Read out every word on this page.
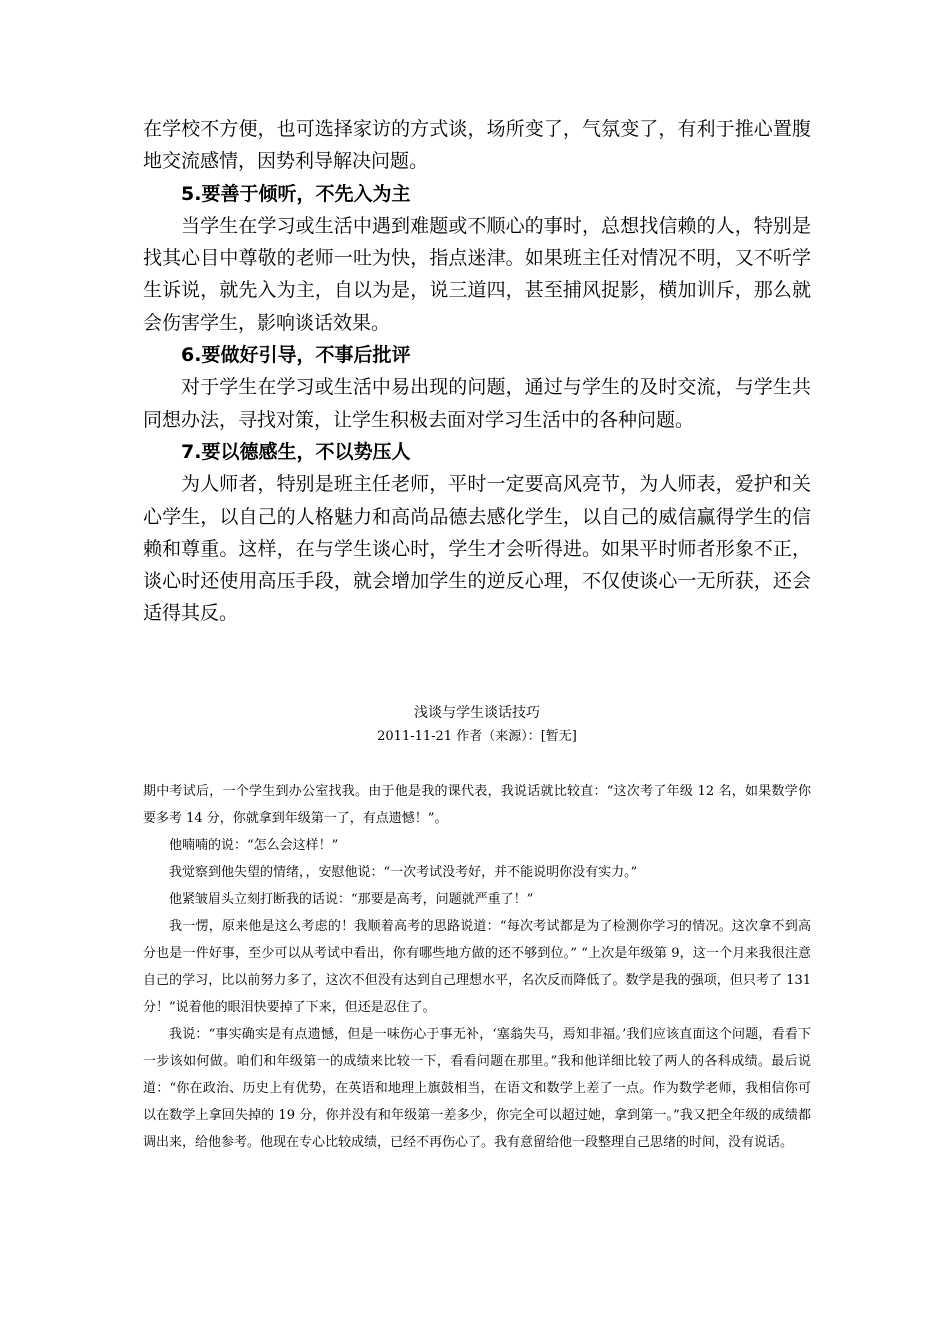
在学校不方便，也可选择家访的方式谈，场所变了，气氛变了，有利于推心置腹地交流感情，因势利导解决问题。

5.要善于倾听，不先入为主

当学生在学习或生活中遇到难题或不顺心的事时，总想找信赖的人，特别是找其心目中尊敬的老师一吐为快，指点迷津。如果班主任对情况不明，又不听学生诉说，就先入为主，自以为是，说三道四，甚至捕风捉影，横加训斥，那么就会伤害学生，影响谈话效果。

6.要做好引导，不事后批评

对于学生在学习或生活中易出现的问题，通过与学生的及时交流，与学生共同想办法，寻找对策，让学生积极去面对学习生活中的各种问题。

7.要以德感生，不以势压人

为人师者，特别是班主任老师，平时一定要高风亮节，为人师表，爱护和关心学生，以自己的人格魅力和高尚品德去感化学生，以自己的威信赢得学生的信赖和尊重。这样，在与学生谈心时，学生才会听得进。如果平时师者形象不正，谈心时还使用高压手段，就会增加学生的逆反心理，不仅使谈心一无所获，还会适得其反。

浅谈与学生谈话技巧
2011-11-21 作者（来源）：[暂无]

期中考试后，一个学生到办公室找我。由于他是我的课代表，我说话就比较直：“这次考了年级 12 名，如果数学你要多考 14 分，你就拿到年级第一了，有点遗憾！”。

他喃喃的说：“怎么会这样！”

我觉察到他失望的情绪，，安慰他说：“一次考试没考好，并不能说明你没有实力。”

他紧皱眉头立刻打断我的话说：“那要是高考，问题就严重了！”

我一愣，原来他是这么考虑的！我顺着高考的思路说道：“每次考试都是为了检测你学习的情况。这次拿不到高分也是一件好事，至少可以从考试中看出，你有哪些地方做的还不够到位。” “上次是年级第 9，这一个月来我很注意自己的学习，比以前努力多了，这次不但没有达到自己理想水平，名次反而降低了。数学是我的强项，但只考了 131 分！”说着他的眼泪快要掉了下来，但还是忍住了。

我说：“事实确实是有点遗憾，但是一味伤心于事无补，‘塞翁失马，焉知非福。’我们应该直面这个问题，看看下一步该如何做。咱们和年级第一的成绩来比较一下，看看问题在那里。”我和他详细比较了两人的各科成绩。最后说道：“你在政治、历史上有优势，在英语和地理上旗鼓相当，在语文和数学上差了一点。作为数学老师，我相信你可以在数学上拿回失掉的 19 分，你并没有和年级第一差多少，你完全可以超过她，拿到第一。”我又把全年级的成绩都调出来，给他参考。他现在专心比较成绩，已经不再伤心了。我有意留给他一段整理自己思绪的时间，没有说话。
